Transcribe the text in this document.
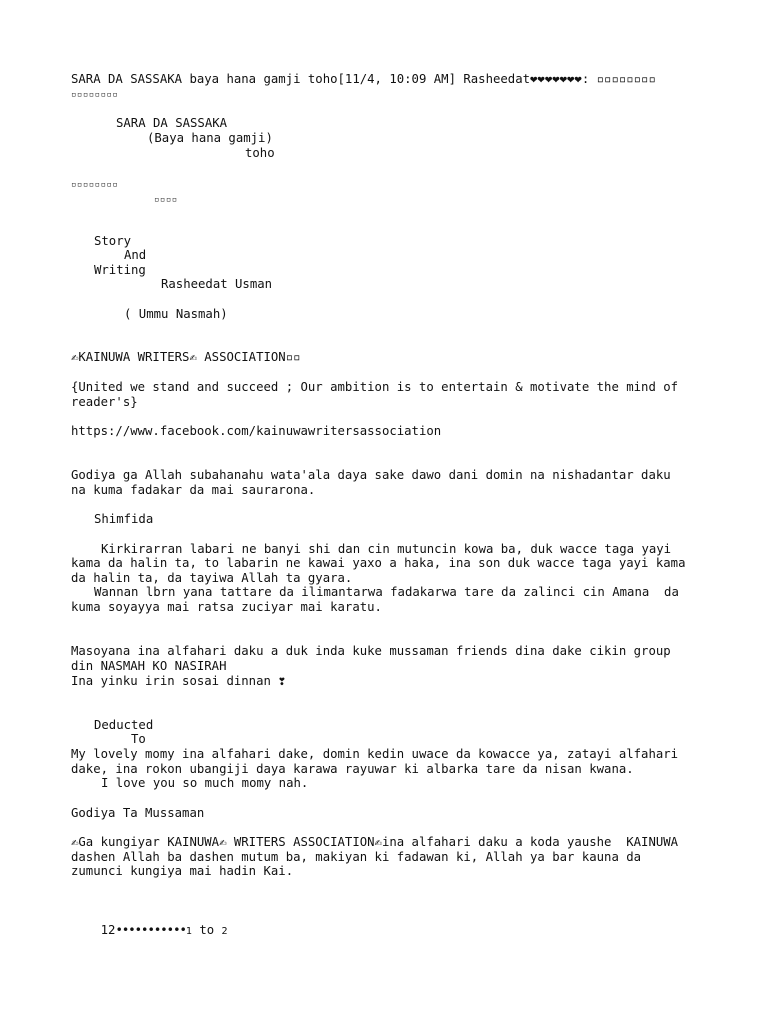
SARA DA SASSAKA baya hana gamji toho[11/4, 10:09 AM] Rasheedat❤❤❤❤❤❤❤: ▫▫▫▫▫▫▫▫
▫▫▫▫▫▫▫▫
SARA DA SASSAKA
(Baya hana gamji)
toho
▫▫▫▫▫▫▫▫
▫▫▫▫
Story
And
Writing
Rasheedat Usman
( Ummu Nasmah)
✍KAINUWA WRITERS✍ ASSOCIATION▫▫
{United we stand and succeed ; Our ambition is to entertain & motivate the mind of
reader's}
https://www.facebook.com/kainuwawritersassociation
Godiya ga Allah subahanahu wata'ala daya sake dawo dani domin na nishadantar daku
na kuma fadakar da mai saurarona.
Shimfida
Kirkirarran labari ne banyi shi dan cin mutuncin kowa ba, duk wacce taga yayi
kama da halin ta, to labarin ne kawai yaxo a haka, ina son duk wacce taga yayi kama
da halin ta, da tayiwa Allah ta gyara.
Wannan lbrn yana tattare da ilimantarwa fadakarwa tare da zalinci cin Amana  da
kuma soyayya mai ratsa zuciyar mai karatu.
Masoyana ina alfahari daku a duk inda kuke mussaman friends dina dake cikin group
din NASMAH KO NASIRAH
Ina yinku irin sosai dinnan ❣
Deducted
To
My lovely momy ina alfahari dake, domin kedin uwace da kowacce ya, zatayi alfahari
dake, ina rokon ubangiji daya karawa rayuwar ki albarka tare da nisan kwana.
I love you so much momy nah.
Godiya Ta Mussaman
✍Ga kungiyar KAINUWA✍ WRITERS ASSOCIATION✍ina alfahari daku a koda yaushe  KAINUWA
dashen Allah ba dashen mutum ba, makiyan ki fadawan ki, Allah ya bar kauna da
zumunci kungiya mai hadin Kai.

12•••••••••••1 to 2
